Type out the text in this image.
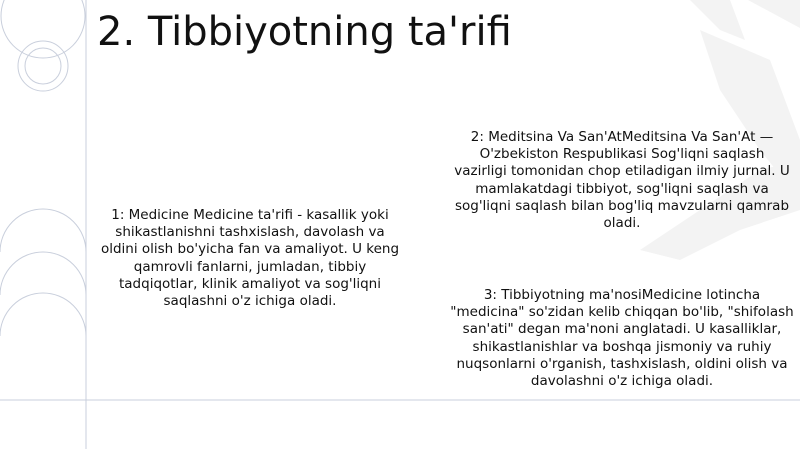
2. Tibbiyotning ta'rifi

1: Medicine Medicine ta'rifi - kasallik yoki shikastlanishni tashxislash, davolash va oldini olish bo'yicha fan va amaliyot. U keng qamrovli fanlarni, jumladan, tibbiy tadqiqotlar, klinik amaliyot va sog'liqni saqlashni o'z ichiga oladi.

2: Meditsina Va San'AtMeditsina Va San'At — O'zbekiston Respublikasi Sog'liqni saqlash vazirligi tomonidan chop etiladigan ilmiy jurnal. U mamlakatdagi tibbiyot, sog'liqni saqlash va sog'liqni saqlash bilan bog'liq mavzularni qamrab oladi.

3: Tibbiyotning ma'nosiMedicine lotincha "medicina" so'zidan kelib chiqqan bo'lib, "shifolash san'ati" degan ma'noni anglatadi. U kasalliklar, shikastlanishlar va boshqa jismoniy va ruhiy nuqsonlarni o'rganish, tashxislash, oldini olish va davolashni o'z ichiga oladi.
